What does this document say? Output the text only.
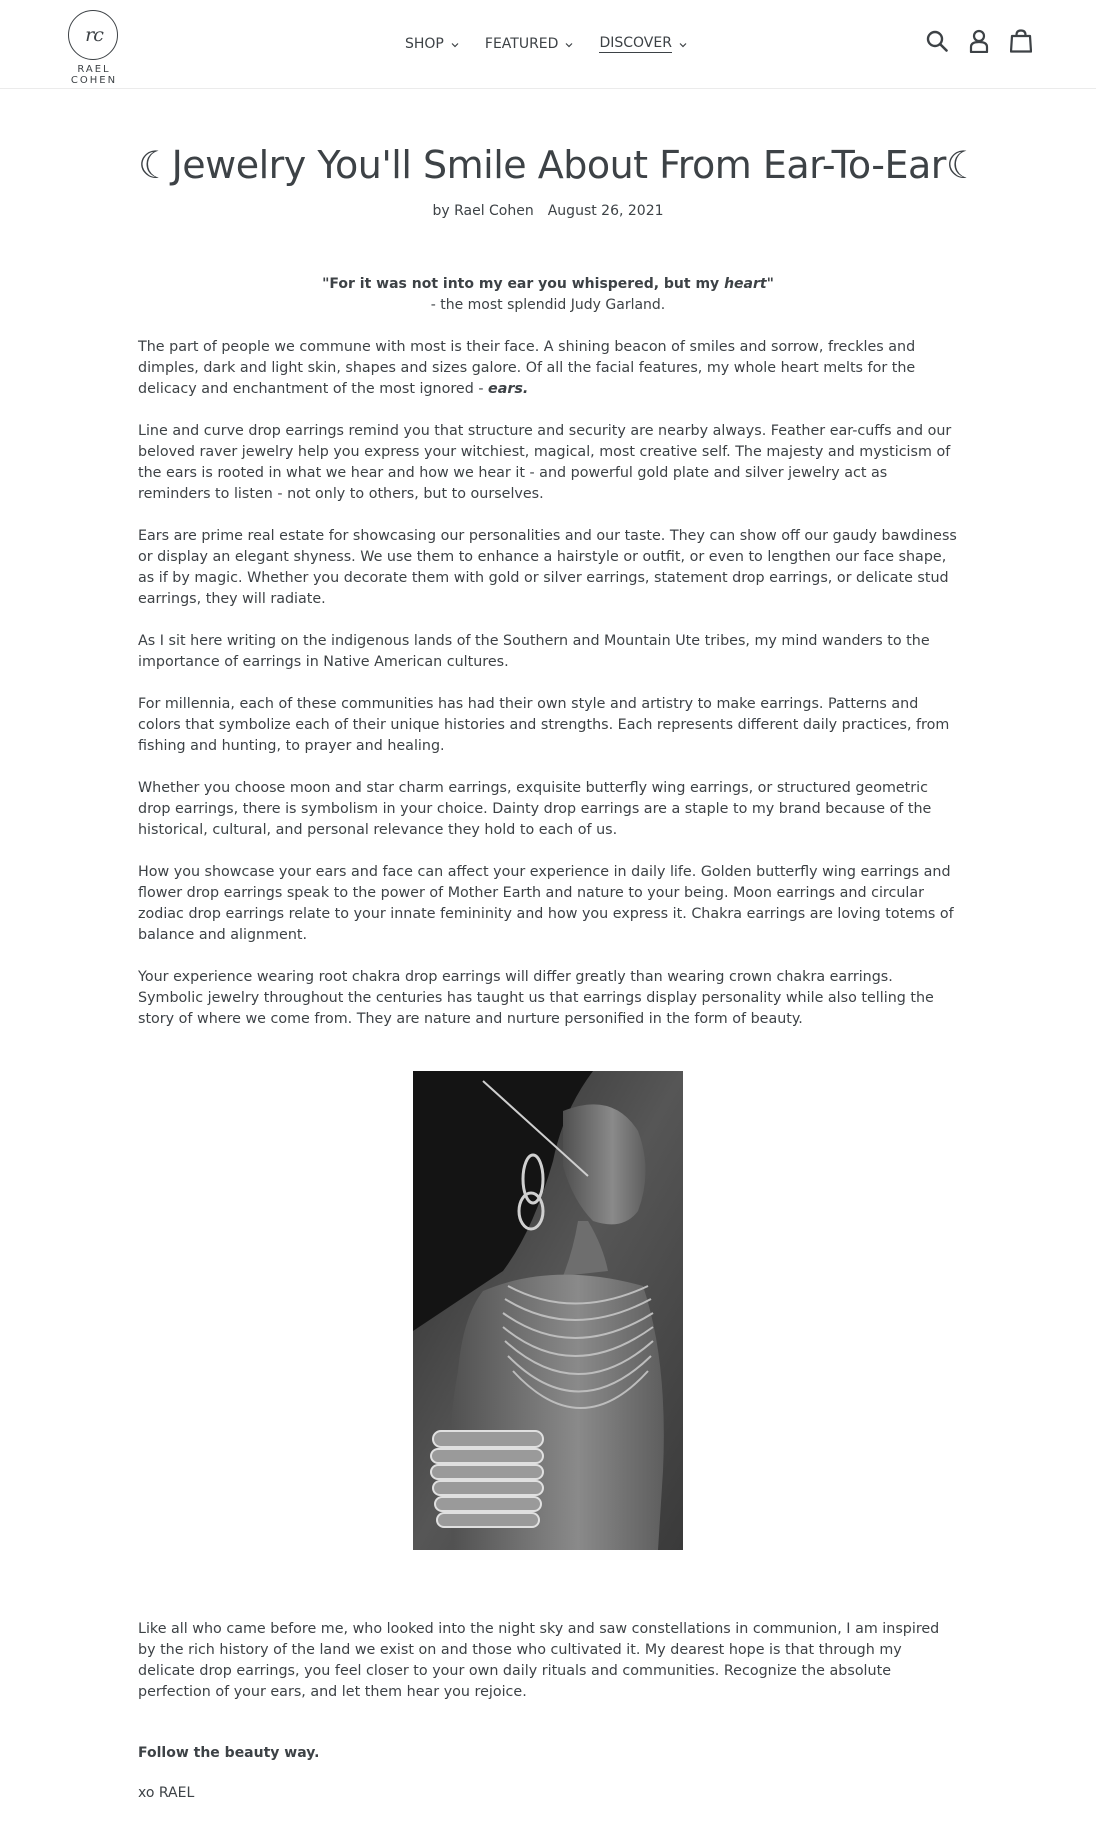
rc
RAEL COHEN
SHOP	FEATURED	DISCOVER
☾Jewelry You'll Smile About From Ear-To-Ear☾
by Rael Cohen August 26, 2021
"For it was not into my ear you whispered, but my heart"
- the most splendid Judy Garland.

The part of people we commune with most is their face. A shining beacon of smiles and sorrow, freckles and dimples, dark and light skin, shapes and sizes galore. Of all the facial features, my whole heart melts for the delicacy and enchantment of the most ignored - ears.

Line and curve drop earrings remind you that structure and security are nearby always. Feather ear-cuffs and our beloved raver jewelry help you express your witchiest, magical, most creative self. The majesty and mysticism of the ears is rooted in what we hear and how we hear it - and powerful gold plate and silver jewelry act as reminders to listen - not only to others, but to ourselves.

Ears are prime real estate for showcasing our personalities and our taste. They can show off our gaudy bawdiness or display an elegant shyness. We use them to enhance a hairstyle or outfit, or even to lengthen our face shape, as if by magic. Whether you decorate them with gold or silver earrings, statement drop earrings, or delicate stud earrings, they will radiate.

As I sit here writing on the indigenous lands of the Southern and Mountain Ute tribes, my mind wanders to the importance of earrings in Native American cultures.

For millennia, each of these communities has had their own style and artistry to make earrings. Patterns and colors that symbolize each of their unique histories and strengths. Each represents different daily practices, from fishing and hunting, to prayer and healing.

Whether you choose moon and star charm earrings, exquisite butterfly wing earrings, or structured geometric drop earrings, there is symbolism in your choice. Dainty drop earrings are a staple to my brand because of the historical, cultural, and personal relevance they hold to each of us.

How you showcase your ears and face can affect your experience in daily life. Golden butterfly wing earrings and flower drop earrings speak to the power of Mother Earth and nature to your being. Moon earrings and circular zodiac drop earrings relate to your innate femininity and how you express it. Chakra earrings are loving totems of balance and alignment.

Your experience wearing root chakra drop earrings will differ greatly than wearing crown chakra earrings. Symbolic jewelry throughout the centuries has taught us that earrings display personality while also telling the story of where we come from. They are nature and nurture personified in the form of beauty.

Like all who came before me, who looked into the night sky and saw constellations in communion, I am inspired by the rich history of the land we exist on and those who cultivated it. My dearest hope is that through my delicate drop earrings, you feel closer to your own daily rituals and communities. Recognize the absolute perfection of your ears, and let them hear you rejoice.

Follow the beauty way.

xo RAEL
